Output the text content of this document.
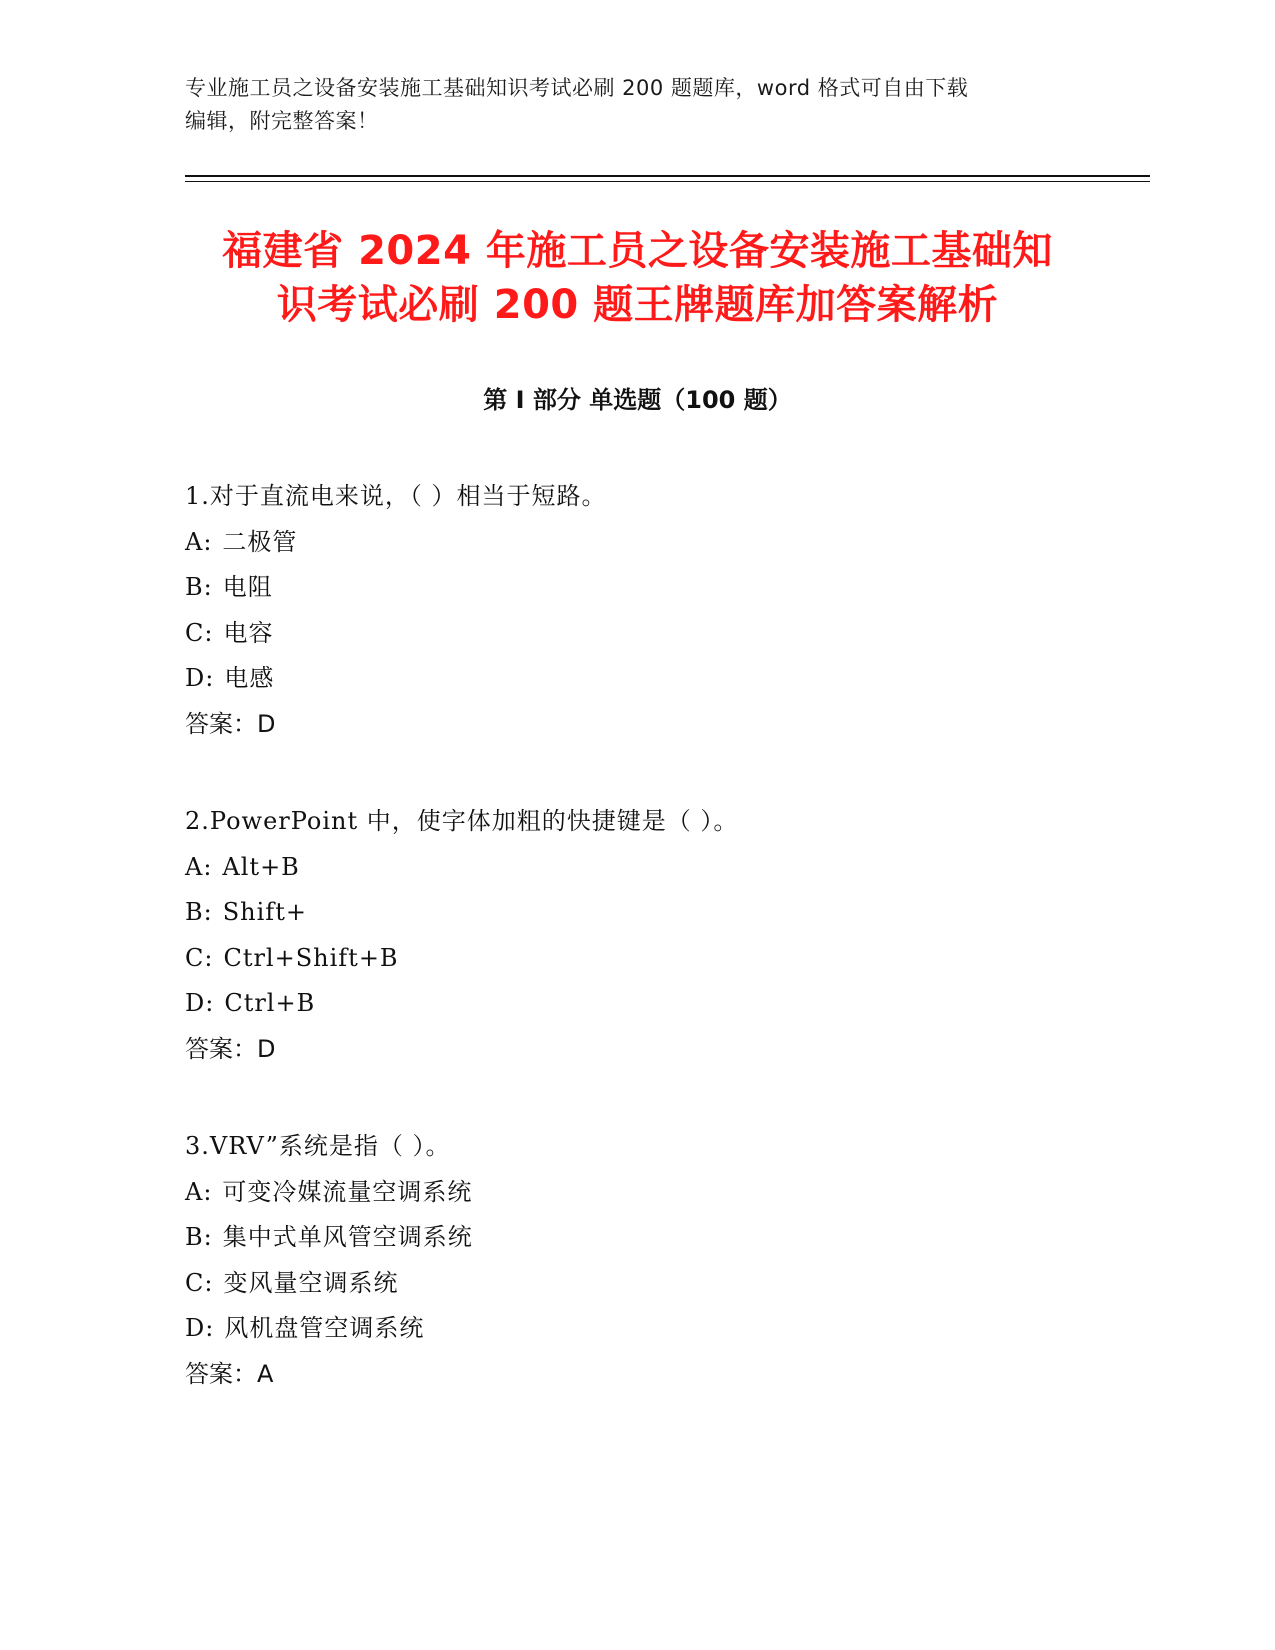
专业施工员之设备安装施工基础知识考试必刷 200 题题库，word 格式可自由下载
编辑，附完整答案！
福建省 2024 年施工员之设备安装施工基础知
识考试必刷 200 题王牌题库加答案解析
第 I 部分 单选题（100 题）
1.对于直流电来说，（ ）相当于短路。
A: 二极管
B: 电阻
C: 电容
D: 电感
答案：D
2.PowerPoint 中，使字体加粗的快捷键是（ ）。
A: Alt+B
B: Shift+
C: Ctrl+Shift+B
D: Ctrl+B
答案：D
3.VRV”系统是指（ ）。
A: 可变冷媒流量空调系统
B: 集中式单风管空调系统
C: 变风量空调系统
D: 风机盘管空调系统
答案：A
